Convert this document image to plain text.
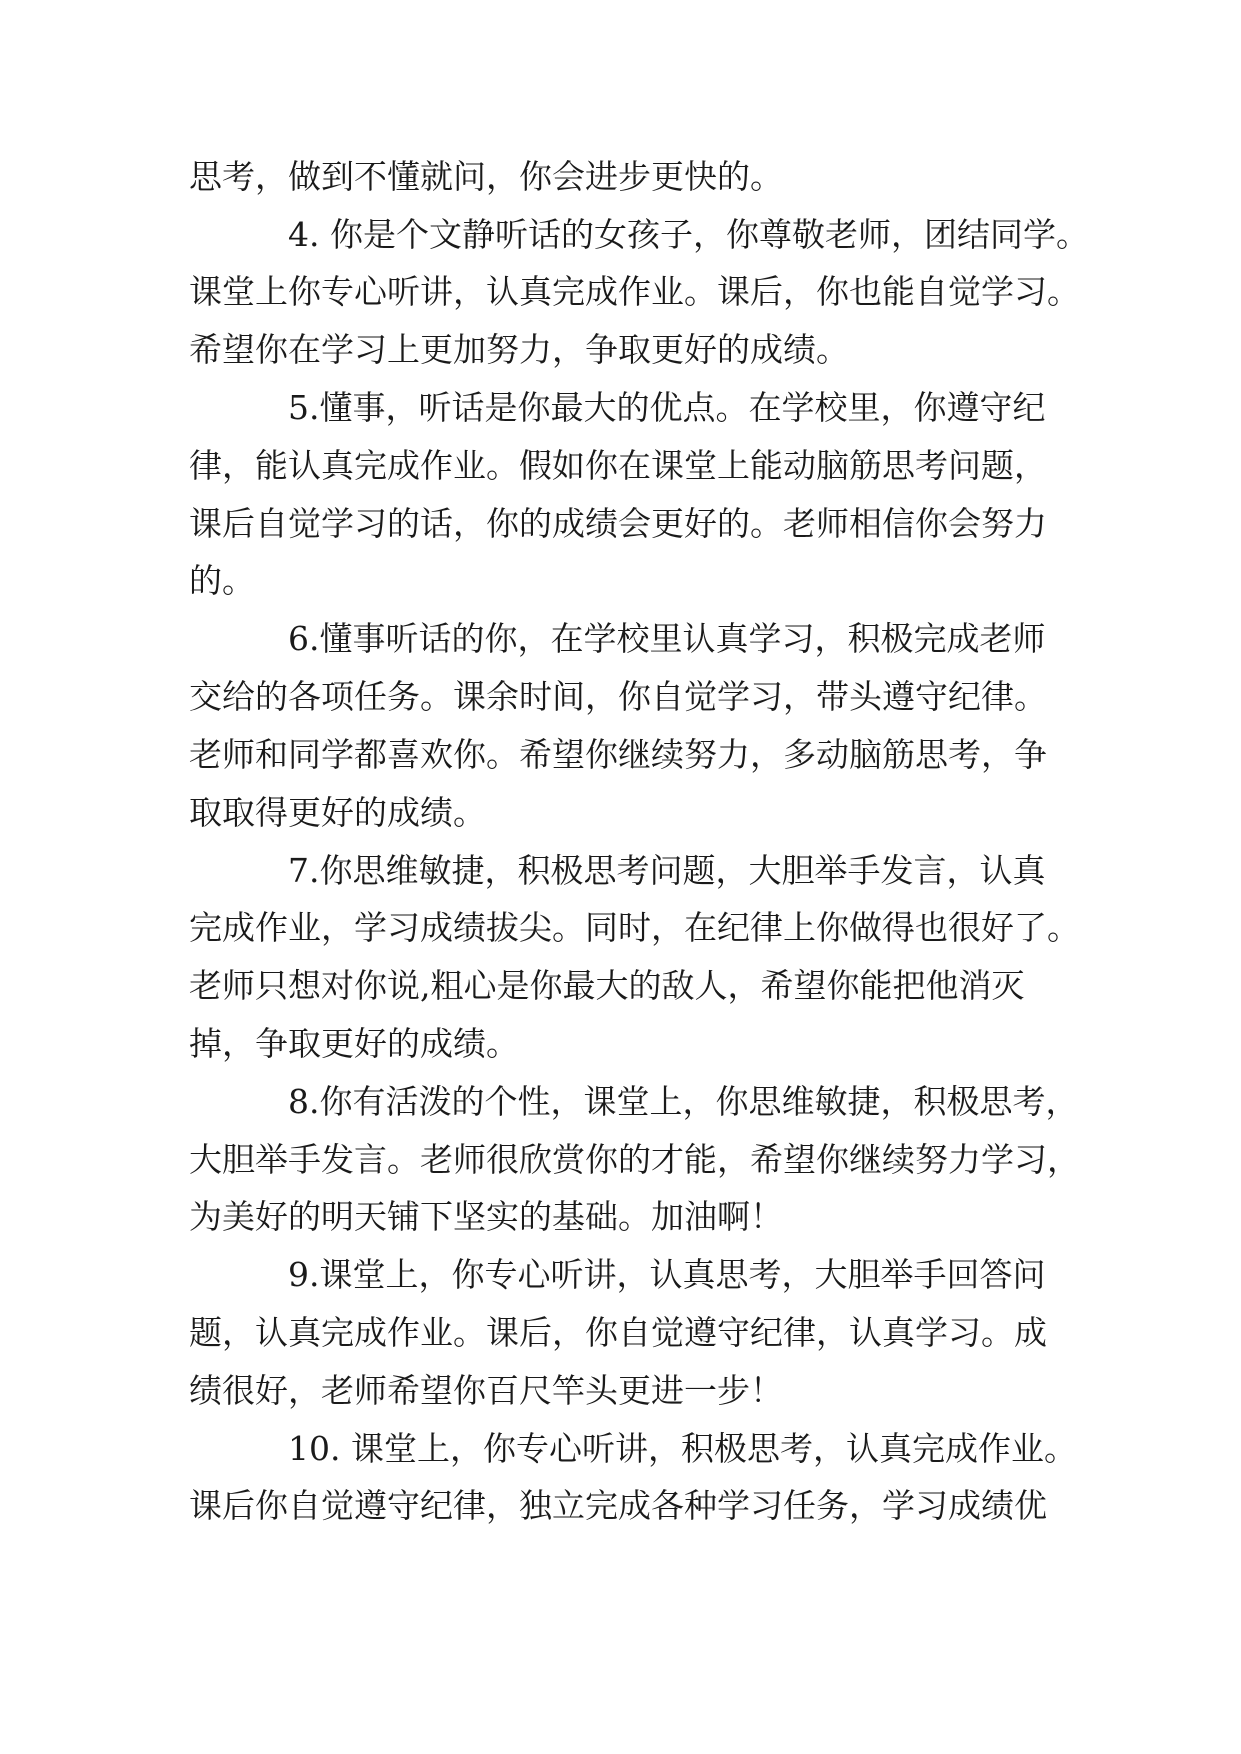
思考，做到不懂就问，你会进步更快的。
4. 你是个文静听话的女孩子，你尊敬老师，团结同学。
课堂上你专心听讲，认真完成作业。课后，你也能自觉学习。
希望你在学习上更加努力，争取更好的成绩。
5.懂事，听话是你最大的优点。在学校里，你遵守纪
律，能认真完成作业。假如你在课堂上能动脑筋思考问题，
课后自觉学习的话，你的成绩会更好的。老师相信你会努力
的。
6.懂事听话的你，在学校里认真学习，积极完成老师
交给的各项任务。课余时间，你自觉学习，带头遵守纪律。
老师和同学都喜欢你。希望你继续努力，多动脑筋思考，争
取取得更好的成绩。
7.你思维敏捷，积极思考问题，大胆举手发言，认真
完成作业，学习成绩拔尖。同时，在纪律上你做得也很好了。
老师只想对你说,粗心是你最大的敌人，希望你能把他消灭
掉，争取更好的成绩。
8.你有活泼的个性，课堂上，你思维敏捷，积极思考，
大胆举手发言。老师很欣赏你的才能，希望你继续努力学习，
为美好的明天铺下坚实的基础。加油啊！
9.课堂上，你专心听讲，认真思考，大胆举手回答问
题，认真完成作业。课后，你自觉遵守纪律，认真学习。成
绩很好，老师希望你百尺竿头更进一步！
10. 课堂上，你专心听讲，积极思考，认真完成作业。
课后你自觉遵守纪律，独立完成各种学习任务，学习成绩优
